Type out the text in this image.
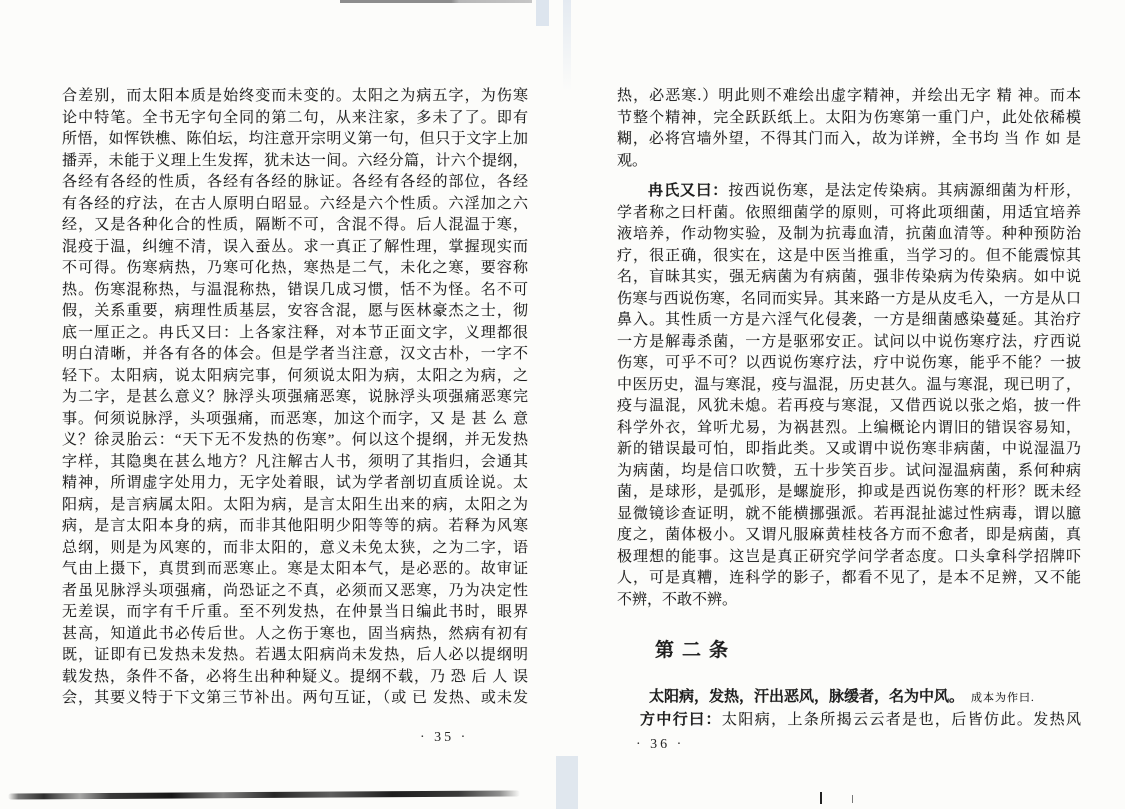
合差别，而太阳本质是始终变而未变的。太阳之为病五字，为伤寒
论中特笔。全书无字句全同的第二句，从来注家，多未了了。即有
所悟，如恽铁樵、陈伯坛，均注意开宗明义第一句，但只于文字上加
播弄，未能于义理上生发挥，犹未达一间。六经分篇，计六个提纲，
各经有各经的性质，各经有各经的脉证。各经有各经的部位，各经
有各经的疗法，在古人原明白昭显。六经是六个性质。六淫加之六
经，又是各种化合的性质，隔断不可，含混不得。后人混温于寒，
混疫于温，纠缠不清，误入蚕丛。求一真正了解性理，掌握现实而
不可得。伤寒病热，乃寒可化热，寒热是二气，未化之寒，要容称
热。伤寒混称热，与温混称热，错误几成习惯，恬不为怪。名不可
假，关系重要，病理性质基层，安容含混，愿与医林豪杰之士，彻
底一厘正之。冉氏又曰：上各家注释，对本节正面文字，义理都很
明白清晰，并各有各的体会。但是学者当注意，汉文古朴，一字不
轻下。太阳病，说太阳病完事，何须说太阳为病，太阳之为病，之
为二字，是甚么意义？脉浮头项强痛恶寒，说脉浮头项强痛恶寒完
事。何须说脉浮，头项强痛，而恶寒，加这个而字，又 是 甚 么 意
义？徐灵胎云：“天下无不发热的伤寒”。何以这个提纲，并无发热
字样，其隐奥在甚么地方？凡注解古人书，须明了其指归，会通其
精神，所谓虚字处用力，无字处着眼，试为学者剖切直质诠说。太
阳病，是言病属太阳。太阳为病，是言太阳生出来的病，太阳之为
病，是言太阳本身的病，而非其他阳明少阳等等的病。若释为风寒
总纲，则是为风寒的，而非太阳的，意义未免太狭，之为二字，语
气由上摄下，真贯到而恶寒止。寒是太阳本气，是必恶的。故审证
者虽见脉浮头项强痛，尚恐证之不真，必须而又恶寒，乃为决定性
无差误，而字有千斤重。至不列发热，在仲景当日编此书时，眼界
甚高，知道此书必传后世。人之伤于寒也，固当病热，然病有初有
既，证即有已发热未发热。若遇太阳病尚未发热，后人必以提纲明
载发热，条件不备，必将生出种种疑义。提纲不载，乃 恐 后 人 误
会，其要义特于下文第三节补出。两句互证，（或 已 发热、或未发
· 35 ·
热，必恶寒.）明此则不难绘出虚字精神，并绘出无字 精 神。而本
节整个精神，完全跃跃纸上。太阳为伤寒第一重门户，此处依稀模
糊，必将宫墙外望，不得其门而入，故为详辨，全书均 当 作 如 是
观。
冉氏又曰：按西说伤寒，是法定传染病。其病源细菌为杆形，
学者称之曰杆菌。依照细菌学的原则，可将此项细菌，用适宜培养
液培养，作动物实验，及制为抗毒血清，抗菌血清等。种种预防治
疗，很正确，很实在，这是中医当推重，当学习的。但不能震惊其
名，盲昧其实，强无病菌为有病菌，强非传染病为传染病。如中说
伤寒与西说伤寒，名同而实异。其来路一方是从皮毛入，一方是从口
鼻入。其性质一方是六淫气化侵袭，一方是细菌感染蔓延。其治疗
一方是解毒杀菌，一方是驱邪安正。试问以中说伤寒疗法，疗西说
伤寒，可乎不可？以西说伤寒疗法，疗中说伤寒，能乎不能？一披
中医历史，温与寒混，疫与温混，历史甚久。温与寒混，现已明了，
疫与温混，风犹未熄。若再疫与寒混，又借西说以张之焰，披一件
科学外衣，耸听尤易，为祸甚烈。上编概论内谓旧的错误容易知，
新的错误最可怕，即指此类。又或谓中说伤寒非病菌，中说湿温乃
为病菌，均是信口吹赞，五十步笑百步。试问湿温病菌，系何种病
菌，是球形，是弧形，是螺旋形，抑或是西说伤寒的杆形？既未经
显微镜诊查证明，就不能横挪强派。若再混扯滤过性病毒，谓以臆
度之，菌体极小。又谓凡服麻黄桂枝各方而不愈者，即是病菌，真
极理想的能事。这岂是真正研究学问学者态度。口头拿科学招牌吓
人，可是真糟，连科学的影子，都看不见了，是本不足辨，又不能
不辨，不敢不辨。
第二条
太阳病，发热，汗出恶风，脉缓者，名为中风。 成本为作曰.
方中行曰：太阳病，上条所揭云云者是也，后皆仿此。发热风
· 36 ·
